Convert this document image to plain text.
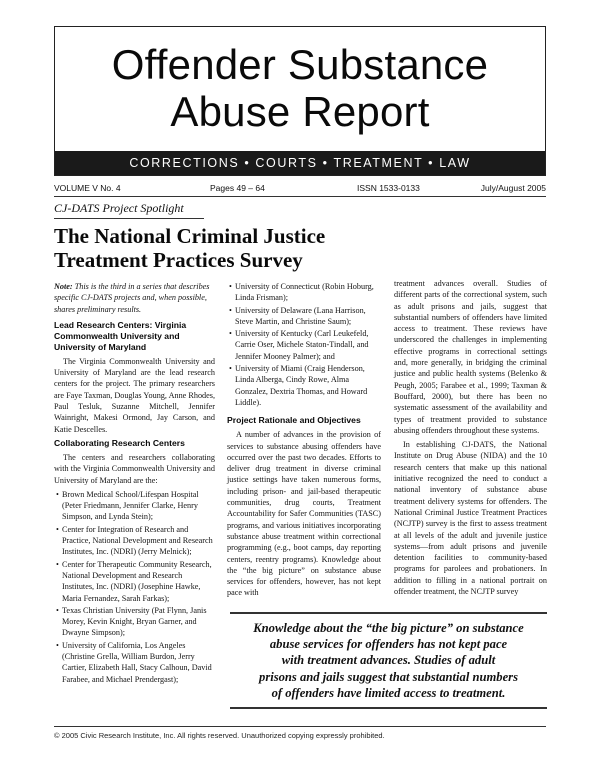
Offender Substance
Abuse Report
CORRECTIONS • COURTS • TREATMENT • LAW
VOLUME V No. 4	Pages 49 – 64	ISSN 1533-0133	July/August 2005
CJ-DATS Project Spotlight
The National Criminal Justice
Treatment Practices Survey

Note: This is the third in a series that describes specific CJ-DATS projects and, when possible, shares preliminary results.

Lead Research Centers: Virginia Commonwealth University and University of Maryland

The Virginia Commonwealth University and University of Maryland are the lead research centers for the project. The primary researchers are Faye Taxman, Douglas Young, Anne Rhodes, Paul Tesluk, Suzanne Mitchell, Jennifer Wainright, Makesi Ormond, Jay Carson, and Katie Descelles.

Collaborating Research Centers

The centers and researchers collaborating with the Virginia Commonwealth University and University of Maryland are the:

• Brown Medical School/Lifespan Hospital (Peter Friedmann, Jennifer Clarke, Henry Simpson, and Lynda Stein);
• Center for Integration of Research and Practice, National Development and Research Institutes, Inc. (NDRI) (Jerry Melnick);
• Center for Therapeutic Community Research, National Development and Research Institutes, Inc. (NDRI) (Josephine Hawke, Maria Fernandez, Sarah Farkas);
• Texas Christian University (Pat Flynn, Janis Morey, Kevin Knight, Bryan Garner, and Dwayne Simpson);
• University of California, Los Angeles (Christine Grella, William Burdon, Jerry Cartier, Elizabeth Hall, Stacy Calhoun, David Farabee, and Michael Prendergast);
• University of Connecticut (Robin Hoburg, Linda Frisman);
• University of Delaware (Lana Harrison, Steve Martin, and Christine Saum);
• University of Kentucky (Carl Leukefeld, Carrie Oser, Michele Staton-Tindall, and Jennifer Mooney Palmer); and
• University of Miami (Craig Henderson, Linda Alberga, Cindy Rowe, Alma Gonzalez, Dextria Thomas, and Howard Liddle).
Project Rationale and Objectives

A number of advances in the provision of services to substance abusing offenders have occurred over the past two decades. Efforts to deliver drug treatment in diverse criminal justice settings have taken numerous forms, including prison- and jail-based therapeutic communities, drug courts, Treatment Accountability for Safer Communities (TASC) programs, and various initiatives incorporating substance abuse treatment within correctional programming (e.g., boot camps, day reporting centers, reentry programs). Knowledge about the “the big picture” on substance abuse services for offenders, however, has not kept pace with

treatment advances overall. Studies of different parts of the correctional system, such as adult prisons and jails, suggest that substantial numbers of offenders have limited access to treatment. These reviews have underscored the challenges in implementing effective programs in correctional settings and, more generally, in bridging the criminal justice and public health systems (Belenko & Peugh, 2005; Farabee et al., 1999; Taxman & Bouffard, 2000), but there has been no systematic assessment of the availability and types of treatment provided to substance abusing offenders throughout these systems.

In establishing CJ-DATS, the National Institute on Drug Abuse (NIDA) and the 10 research centers that make up this national initiative recognized the need to conduct a national inventory of substance abuse treatment delivery systems for offenders. The National Criminal Justice Treatment Practices (NCJTP) survey is the first to assess treatment at all levels of the adult and juvenile justice systems—from adult prisons and juvenile detention facilities to community-based programs for parolees and probationers. In addition to filling in a national portrait on offender treatment, the NCJTP survey

Knowledge about the “the big picture” on substance
abuse services for offenders has not kept pace
with treatment advances. Studies of adult
prisons and jails suggest that substantial numbers
of offenders have limited access to treatment.
© 2005 Civic Research Institute, Inc. All rights reserved. Unauthorized copying expressly prohibited.
